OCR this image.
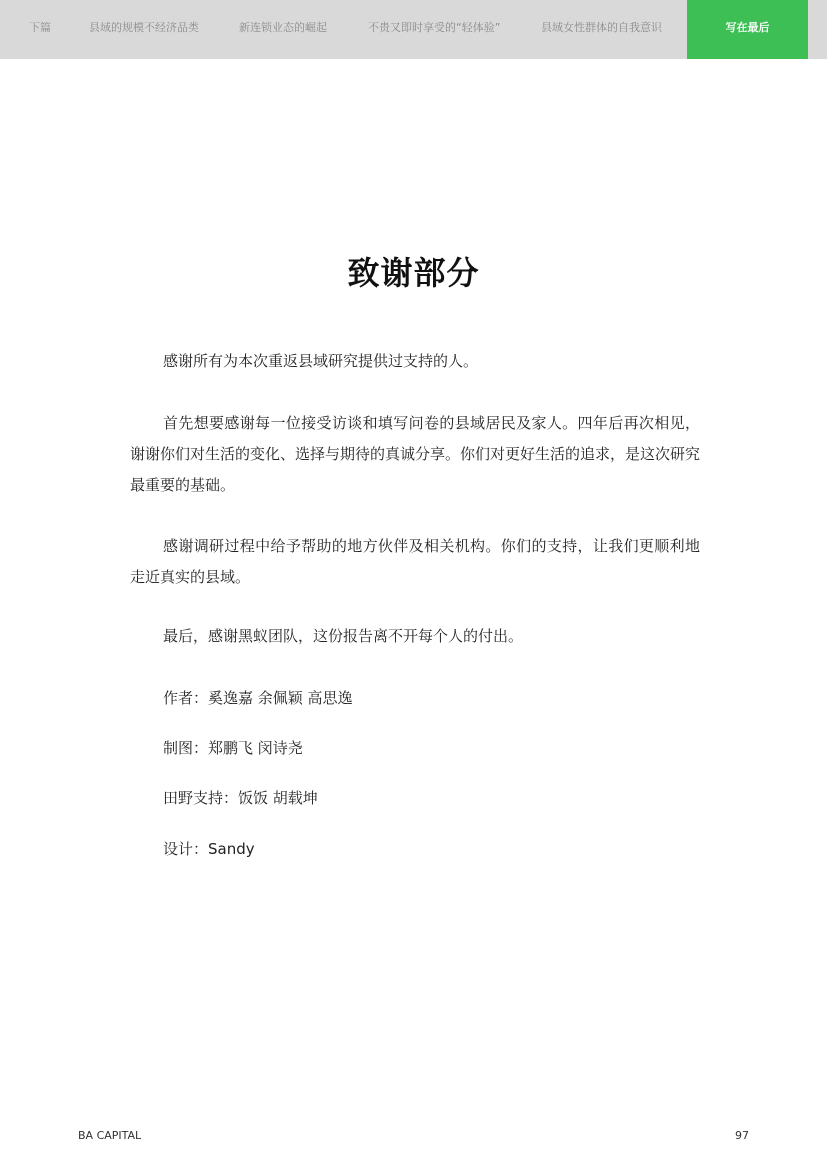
下篇	县域的规模不经济品类	新连锁业态的崛起	不贵又即时享受的“轻体验”	县域女性群体的自我意识	写在最后
致谢部分

感谢所有为本次重返县域研究提供过支持的人。

首先想要感谢每一位接受访谈和填写问卷的县域居民及家人。四年后再次相见，谢谢你们对生活的变化、选择与期待的真诚分享。你们对更好生活的追求，是这次研究最重要的基础。

感谢调研过程中给予帮助的地方伙伴及相关机构。你们的支持，让我们更顺利地走近真实的县域。

最后，感谢黑蚁团队，这份报告离不开每个人的付出。

作者：奚逸嘉 余佩颖 高思逸
制图：郑鹏飞 闵诗尧
田野支持：饭饭 胡载坤
设计：Sandy
BA CAPITAL	97
